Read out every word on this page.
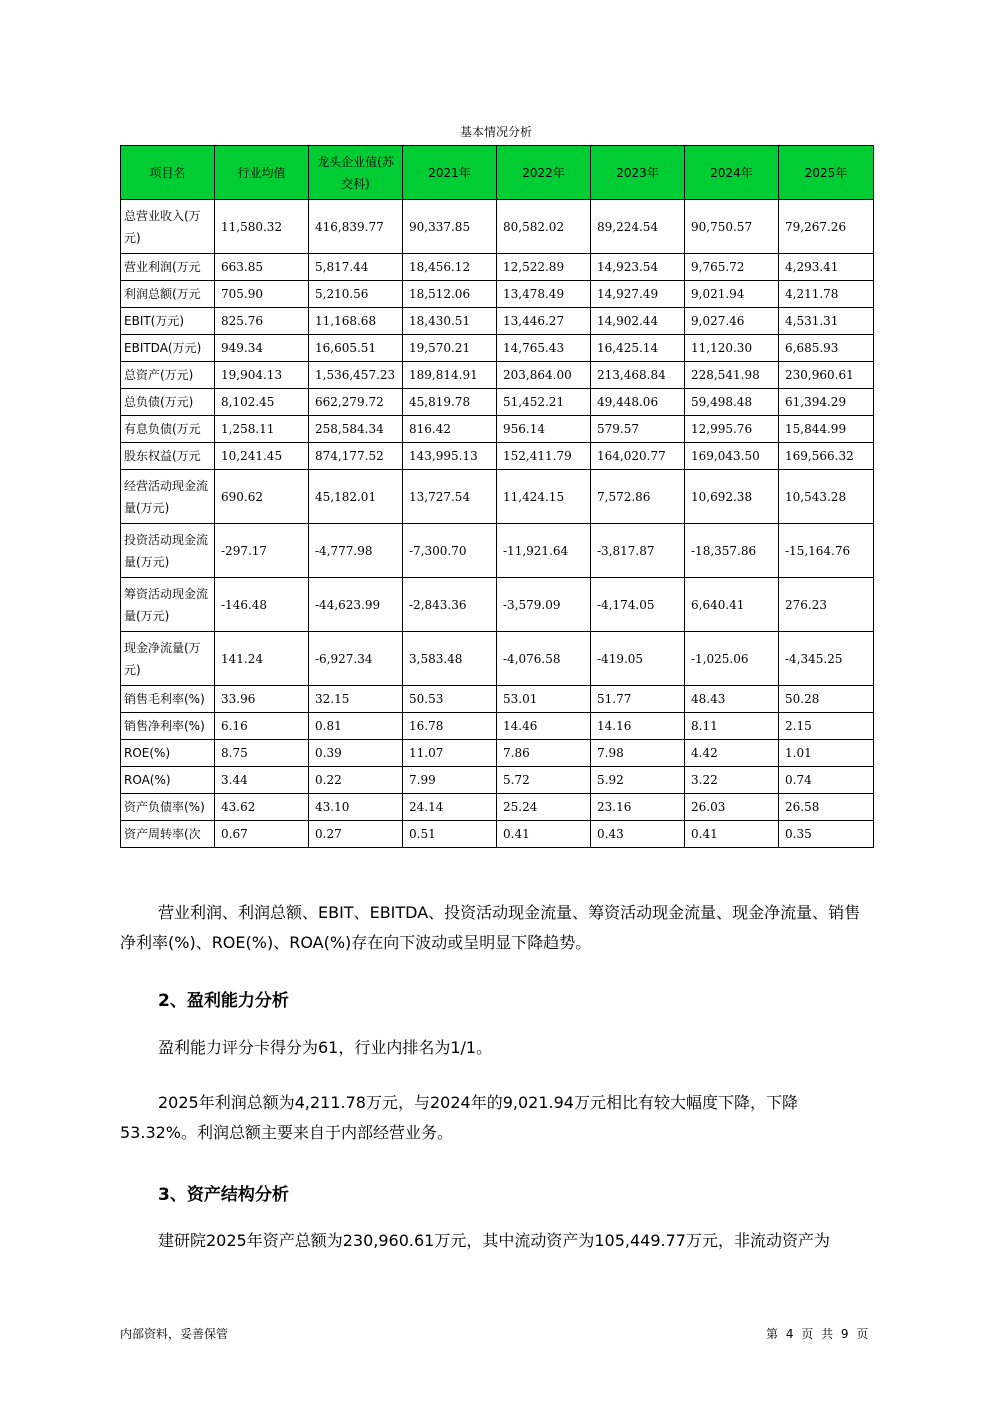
基本情况分析
项目名	行业均值	龙头企业值(苏交科)	2021年	2022年	2023年	2024年	2025年
总营业收入(万元)	11,580.32	416,839.77	90,337.85	80,582.02	89,224.54	90,750.57	79,267.26
营业利润(万元	663.85	5,817.44	18,456.12	12,522.89	14,923.54	9,765.72	4,293.41
利润总额(万元	705.90	5,210.56	18,512.06	13,478.49	14,927.49	9,021.94	4,211.78
EBIT(万元)	825.76	11,168.68	18,430.51	13,446.27	14,902.44	9,027.46	4,531.31
EBITDA(万元)	949.34	16,605.51	19,570.21	14,765.43	16,425.14	11,120.30	6,685.93
总资产(万元)	19,904.13	1,536,457.23	189,814.91	203,864.00	213,468.84	228,541.98	230,960.61
总负债(万元)	8,102.45	662,279.72	45,819.78	51,452.21	49,448.06	59,498.48	61,394.29
有息负债(万元	1,258.11	258,584.34	816.42	956.14	579.57	12,995.76	15,844.99
股东权益(万元	10,241.45	874,177.52	143,995.13	152,411.79	164,020.77	169,043.50	169,566.32
经营活动现金流量(万元)	690.62	45,182.01	13,727.54	11,424.15	7,572.86	10,692.38	10,543.28
投资活动现金流量(万元)	-297.17	-4,777.98	-7,300.70	-11,921.64	-3,817.87	-18,357.86	-15,164.76
筹资活动现金流量(万元)	-146.48	-44,623.99	-2,843.36	-3,579.09	-4,174.05	6,640.41	276.23
现金净流量(万元)	141.24	-6,927.34	3,583.48	-4,076.58	-419.05	-1,025.06	-4,345.25
销售毛利率(%)	33.96	32.15	50.53	53.01	51.77	48.43	50.28
销售净利率(%)	6.16	0.81	16.78	14.46	14.16	8.11	2.15
ROE(%)	8.75	0.39	11.07	7.86	7.98	4.42	1.01
ROA(%)	3.44	0.22	7.99	5.72	5.92	3.22	0.74
资产负债率(%)	43.62	43.10	24.14	25.24	23.16	26.03	26.58
资产周转率(次	0.67	0.27	0.51	0.41	0.43	0.41	0.35
营业利润、利润总额、EBIT、EBITDA、投资活动现金流量、筹资活动现金流量、现金净流量、销售净利率(%)、ROE(%)、ROA(%)存在向下波动或呈明显下降趋势。
2、盈利能力分析
盈利能力评分卡得分为61，行业内排名为1/1。
2025年利润总额为4,211.78万元，与2024年的9,021.94万元相比有较大幅度下降，下降53.32%。利润总额主要来自于内部经营业务。
3、资产结构分析
建研院2025年资产总额为230,960.61万元，其中流动资产为105,449.77万元，非流动资产为
内部资料，妥善保管	第 4 页 共 9 页
